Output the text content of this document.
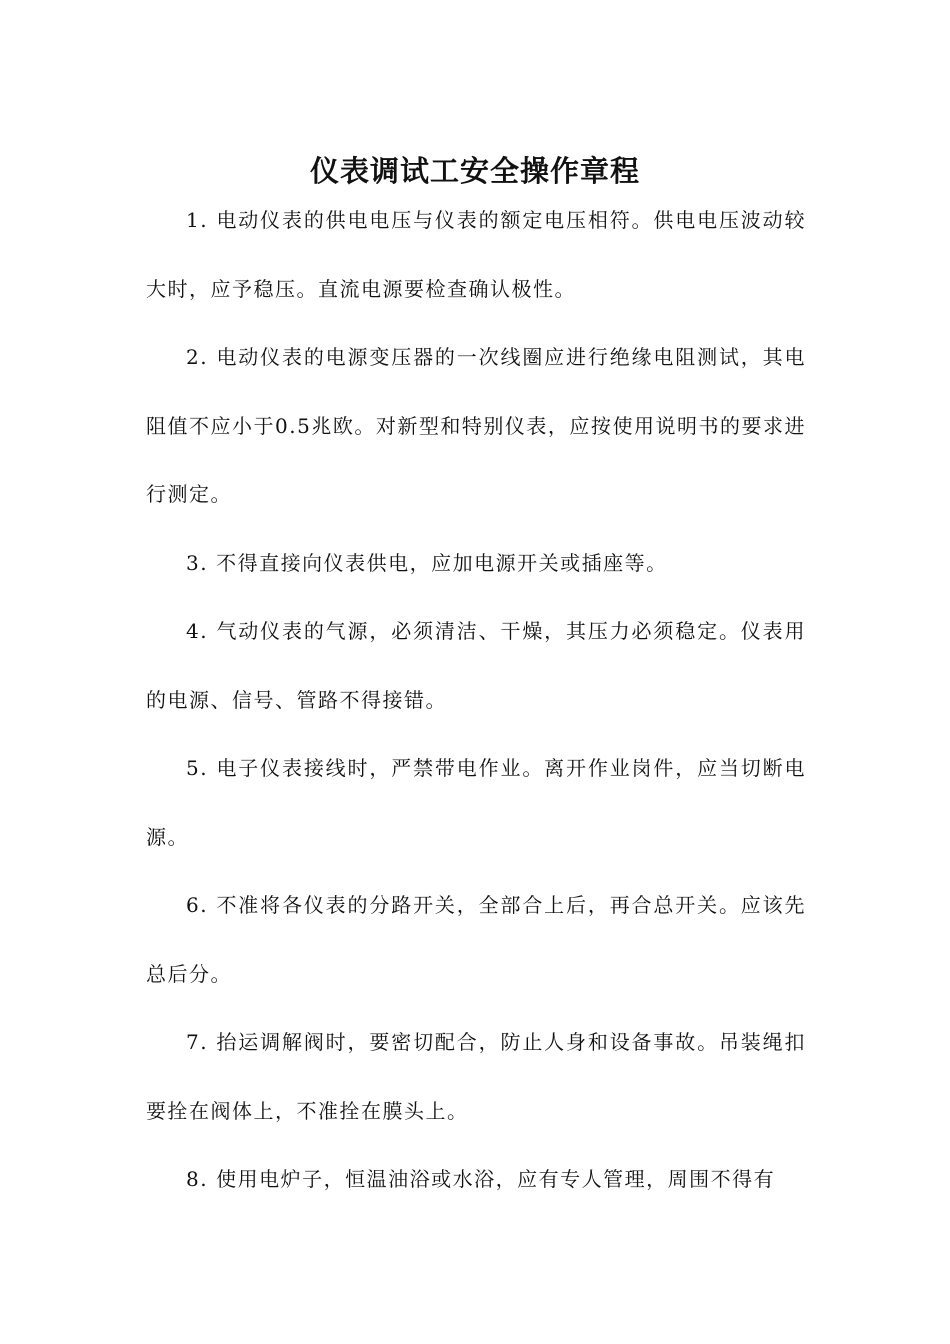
仪表调试工安全操作章程

1. 电动仪表的供电电压与仪表的额定电压相符。供电电压波动较大时，应予稳压。直流电源要检查确认极性。

2. 电动仪表的电源变压器的一次线圈应进行绝缘电阻测试，其电阻值不应小于0.5兆欧。对新型和特别仪表，应按使用说明书的要求进行测定。

3. 不得直接向仪表供电，应加电源开关或插座等。

4. 气动仪表的气源，必须清洁、干燥，其压力必须稳定。仪表用的电源、信号、管路不得接错。

5. 电子仪表接线时，严禁带电作业。离开作业岗件，应当切断电源。

6. 不准将各仪表的分路开关，全部合上后，再合总开关。应该先总后分。

7. 抬运调解阀时，要密切配合，防止人身和设备事故。吊装绳扣要拴在阀体上，不准拴在膜头上。

8. 使用电炉子，恒温油浴或水浴，应有专人管理，周围不得有
